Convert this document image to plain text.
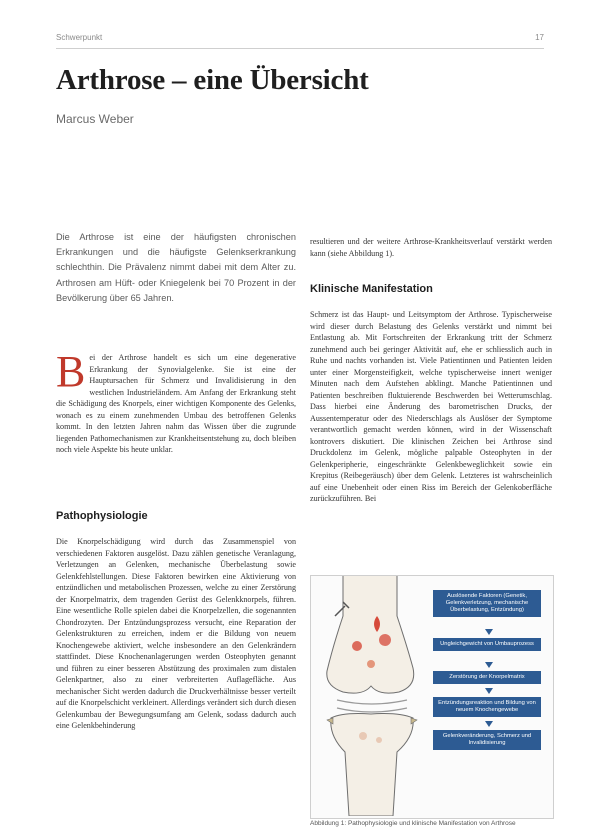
Schwerpunkt	17
Arthrose – eine Übersicht
Marcus Weber
Die Arthrose ist eine der häufigsten chronischen Erkrankungen und die häufigste Gelenkserkrankung schlechthin. Die Prävalenz nimmt dabei mit dem Alter zu. Arthrosen am Hüft- oder Kniegelenk bei 70 Prozent in der Bevölkerung über 65 Jahren.
B ei der Arthrose handelt es sich um eine degenerative Erkrankung der Synovialgelenke. Sie ist eine der Hauptursachen für Schmerz und Invalidisierung in den westlichen Industrieländern. Am Anfang der Erkrankung steht die Schädigung des Knorpels, einer wichtigen Komponente des Gelenks, wonach es zu einem zunehmenden Umbau des betroffenen Gelenks kommt. In den letzten Jahren nahm das Wissen über die zugrunde liegenden Pathomechanismen zur Krankheitsentstehung zu, doch bleiben noch viele Aspekte bis heute unklar.
Pathophysiologie
Die Knorpelschädigung wird durch das Zusammenspiel von verschiedenen Faktoren ausgelöst. Dazu zählen genetische Veranlagung, Verletzungen an Gelenken, mechanische Überbelastung sowie Gelenkfehlstellungen. Diese Faktoren bewirken eine Aktivierung von entzündlichen und metabolischen Prozessen, welche zu einer Zerstörung der Knorpelmatrix, dem tragenden Gerüst des Gelenkknorpels, führen. Eine wesentliche Rolle spielen dabei die Knorpelzellen, die sogenannten Chondrozyten. Der Entzündungsprozess versucht, eine Reparation der Gelenkstrukturen zu erreichen, indem er die Bildung von neuem Knochengewebe aktiviert, welche insbesondere an den Gelenkrändern stattfindet. Diese Knochenanlagerungen werden Osteophyten genannt und führen zu einer besseren Abstützung des proximalen zum distalen Gelenkpartner, also zu einer verbreiterten Auflagefläche. Aus mechanischer Sicht werden dadurch die Druckverhältnisse besser verteilt auf die Knorpelschicht verkleinert. Allerdings verändert sich durch diesen Gelenkumbau der Bewegungsumfang am Gelenk, sodass dadurch auch eine Gelenkbehinderung
resultieren und der weitere Arthrose-Krankheitsverlauf verstärkt werden kann (siehe Abbildung 1).
Klinische Manifestation
Schmerz ist das Haupt- und Leitsymptom der Arthrose. Typischerweise wird dieser durch Belastung des Gelenks verstärkt und nimmt bei Entlastung ab. Mit Fortschreiten der Erkrankung tritt der Schmerz zunehmend auch bei geringer Aktivität auf, ehe er schliesslich auch in Ruhe und nachts vorhanden ist. Viele Patientinnen und Patienten leiden unter einer Morgensteifigkeit, welche typischerweise innert weniger Minuten nach dem Aufstehen abklingt. Manche Patientinnen und Patienten beschreiben fluktuierende Beschwerden bei Wetterumschlag. Dass hierbei eine Änderung des barometrischen Drucks, der Aussentemperatur oder des Niederschlags als Auslöser der Symptome verantwortlich gemacht werden können, wird in der Wissenschaft kontrovers diskutiert. Die klinischen Zeichen bei Arthrose sind Druckdolenz im Gelenk, mögliche palpable Osteophyten in der Gelenkperipherie, eingeschränkte Gelenkbeweglichkeit sowie ein Krepitus (Reibegeräusch) über dem Gelenk. Letzteres ist wahrscheinlich auf eine Unebenheit oder einen Riss im Bereich der Gelenkoberfläche zurückzuführen. Bei
Auslösende Faktoren (Genetik, Gelenkverletzung, mechanische Überbelastung, Entzündung)
Ungleichgewicht von Umbauprozess
Zerstörung der Knorpelmatrix
Entzündungsreaktion und Bildung von neuem Knochengewebe
Gelenkveränderung, Schmerz und Invalidisierung
Abbildung 1: Pathophysiologie und klinische Manifestation von Arthrose
